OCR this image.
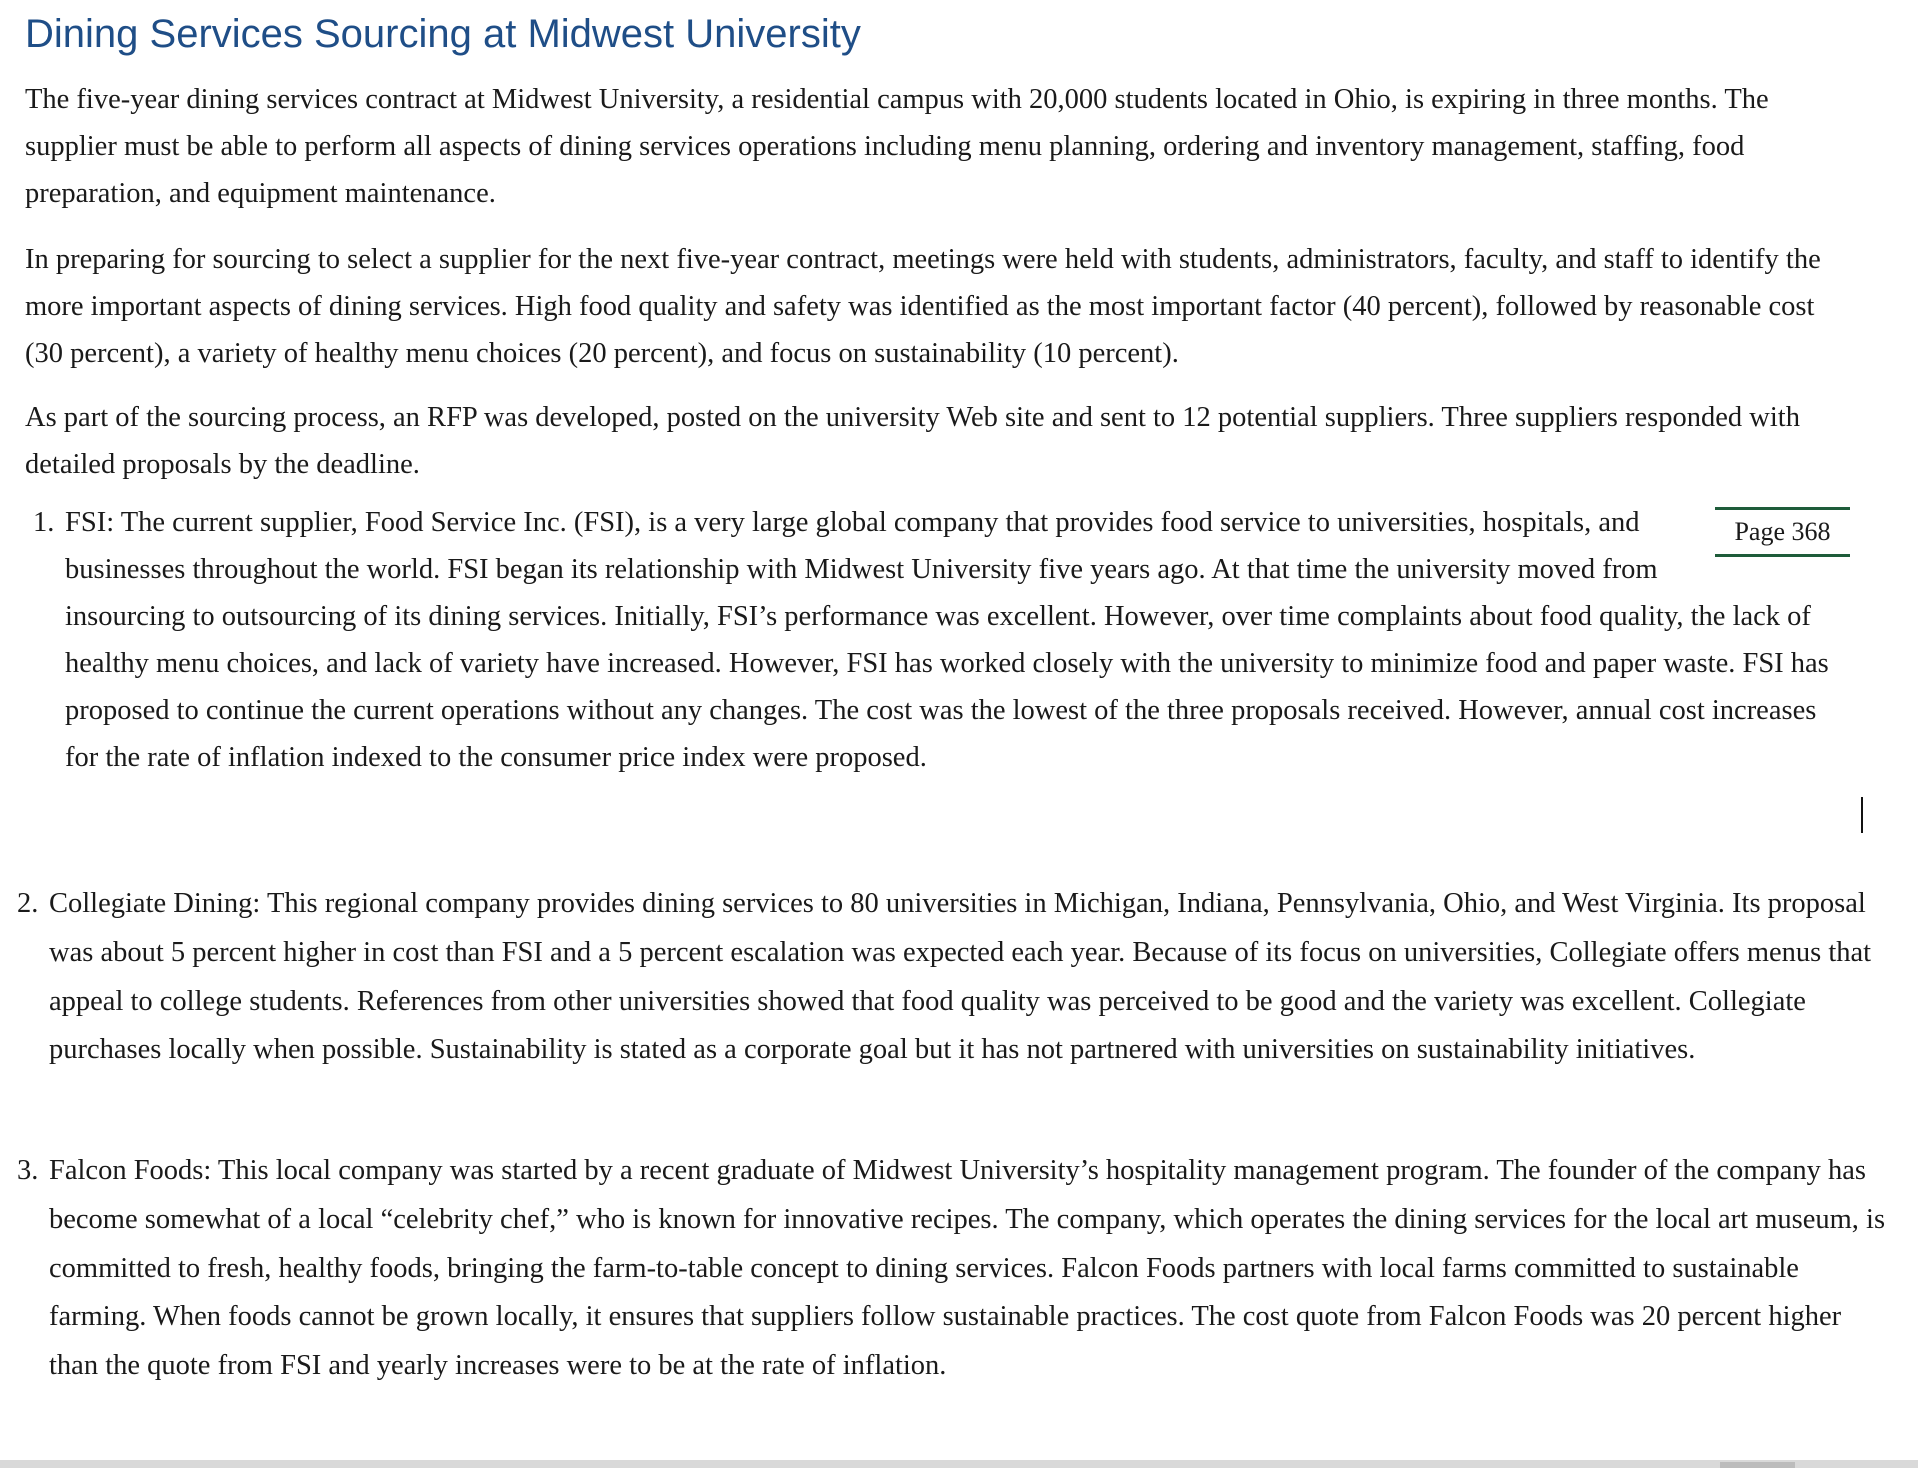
Dining Services Sourcing at Midwest University

The five-year dining services contract at Midwest University, a residential campus with 20,000 students located in Ohio, is expiring in three months. The supplier must be able to perform all aspects of dining services operations including menu planning, ordering and inventory management, staffing, food preparation, and equipment maintenance.

In preparing for sourcing to select a supplier for the next five-year contract, meetings were held with students, administrators, faculty, and staff to identify the more important aspects of dining services. High food quality and safety was identified as the most important factor (40 percent), followed by reasonable cost (30 percent), a variety of healthy menu choices (20 percent), and focus on sustainability (10 percent).

As part of the sourcing process, an RFP was developed, posted on the university Web site and sent to 12 potential suppliers. Three suppliers responded with detailed proposals by the deadline.

1.	Page 368
FSI: The current supplier, Food Service Inc. (FSI), is a very large global company that provides food service to universities, hospitals, and businesses throughout the world. FSI began its relationship with Midwest University five years ago. At that time the university moved from insourcing to outsourcing of its dining services. Initially, FSI’s performance was excellent. However, over time complaints about food quality, the lack of healthy menu choices, and lack of variety have increased. However, FSI has worked closely with the university to minimize food and paper waste. FSI has proposed to continue the current operations without any changes. The cost was the lowest of the three proposals received. However, annual cost increases for the rate of inflation indexed to the consumer price index were proposed.
2. Collegiate Dining: This regional company provides dining services to 80 universities in Michigan, Indiana, Pennsylvania, Ohio, and West Virginia. Its proposal was about 5 percent higher in cost than FSI and a 5 percent escalation was expected each year. Because of its focus on universities, Collegiate offers menus that appeal to college students. References from other universities showed that food quality was perceived to be good and the variety was excellent. Collegiate purchases locally when possible. Sustainability is stated as a corporate goal but it has not partnered with universities on sustainability initiatives.
3. Falcon Foods: This local company was started by a recent graduate of Midwest University’s hospitality management program. The founder of the company has become somewhat of a local “celebrity chef,” who is known for innovative recipes. The company, which operates the dining services for the local art museum, is committed to fresh, healthy foods, bringing the farm-to-table concept to dining services. Falcon Foods partners with local farms committed to sustainable farming. When foods cannot be grown locally, it ensures that suppliers follow sustainable practices. The cost quote from Falcon Foods was 20 percent higher than the quote from FSI and yearly increases were to be at the rate of inflation.
